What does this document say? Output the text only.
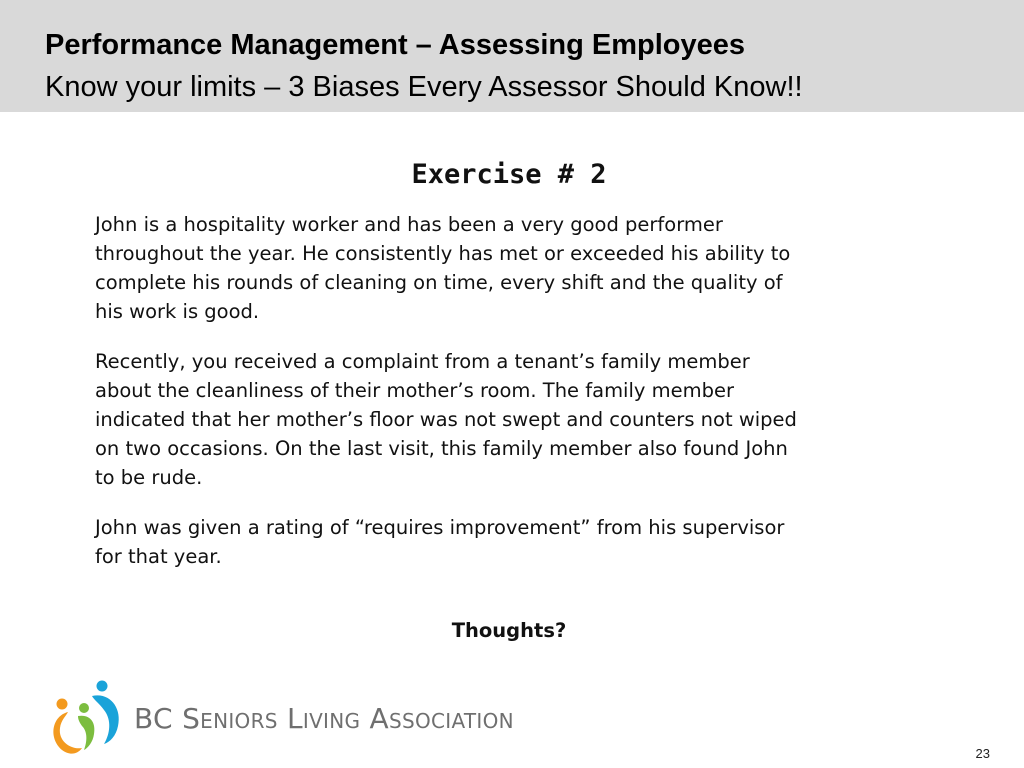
Performance Management – Assessing Employees
Know your limits – 3 Biases Every Assessor Should Know!!
Exercise # 2

John is a hospitality worker and has been a very good performer
throughout the year. He consistently has met or exceeded his ability to
complete his rounds of cleaning on time, every shift and the quality of
his work is good.

Recently, you received a complaint from a tenant’s family member
about the cleanliness of their mother’s room. The family member
indicated that her mother’s floor was not swept and counters not wiped
on two occasions. On the last visit, this family member also found John
to be rude.

John was given a rating of “requires improvement” from his supervisor
for that year.

Thoughts?
BC Seniors Living Association
23
